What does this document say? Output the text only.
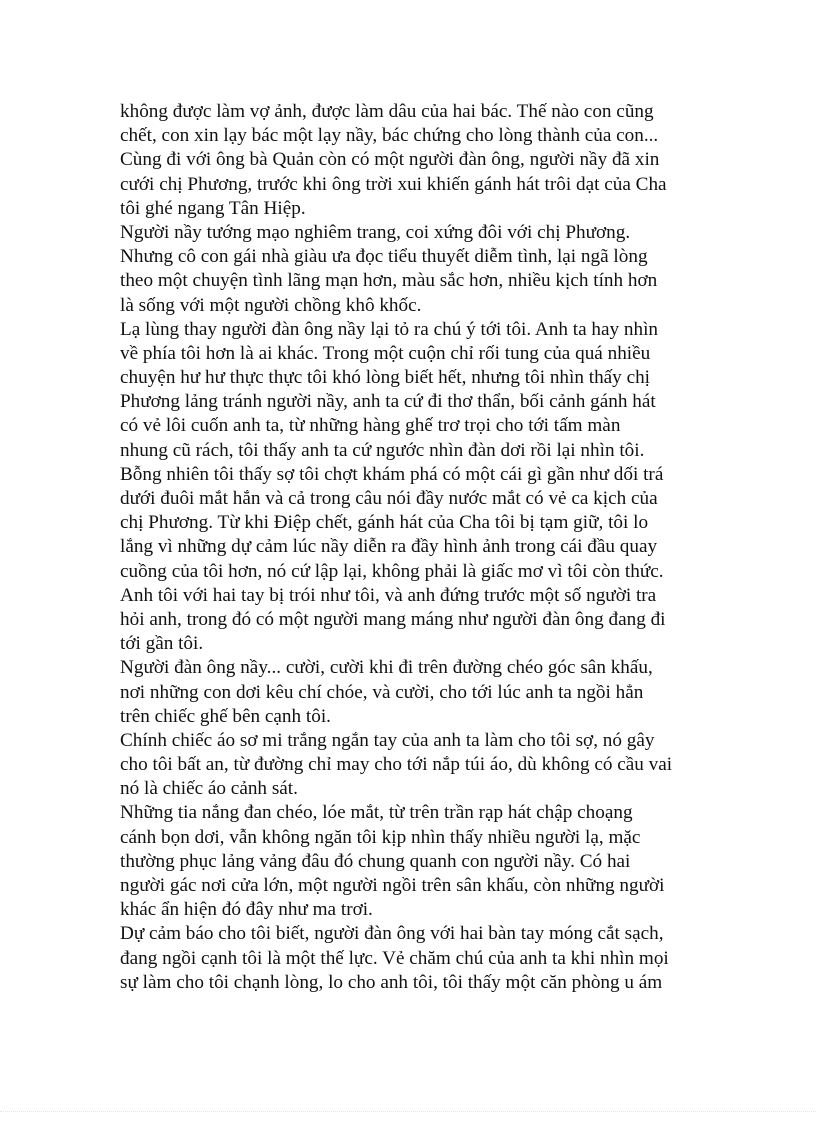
không được làm vợ ảnh, được làm dâu của hai bác. Thế nào con cũng
chết, con xin lạy bác một lạy nầy, bác chứng cho lòng thành của con...
Cùng đi với ông bà Quản còn có một người đàn ông, người nầy đã xin
cưới chị Phương, trước khi ông trời xui khiến gánh hát trôi dạt của Cha
tôi ghé ngang Tân Hiệp.
Người nầy tướng mạo nghiêm trang, coi xứng đôi với chị Phương.
Nhưng cô con gái nhà giàu ưa đọc tiểu thuyết diễm tình, lại ngã lòng
theo một chuyện tình lãng mạn hơn, màu sắc hơn, nhiều kịch tính hơn
là sống với một người chồng khô khốc.
Lạ lùng thay người đàn ông nầy lại tỏ ra chú ý tới tôi. Anh ta hay nhìn
về phía tôi hơn là ai khác. Trong một cuộn chỉ rối tung của quá nhiều
chuyện hư hư thực thực tôi khó lòng biết hết, nhưng tôi nhìn thấy chị
Phương lảng tránh người nầy, anh ta cứ đi thơ thẩn, bối cảnh gánh hát
có vẻ lôi cuốn anh ta, từ những hàng ghế trơ trọi cho tới tấm màn
nhung cũ rách, tôi thấy anh ta cứ ngước nhìn đàn dơi rồi lại nhìn tôi.
Bỗng nhiên tôi thấy sợ tôi chợt khám phá có một cái gì gần như dối trá
dưới đuôi mắt hắn và cả trong câu nói đầy nước mắt có vẻ ca kịch của
chị Phương. Từ khi Điệp chết, gánh hát của Cha tôi bị tạm giữ, tôi lo
lắng vì những dự cảm lúc nầy diễn ra đầy hình ảnh trong cái đầu quay
cuồng của tôi hơn, nó cứ lập lại, không phải là giấc mơ vì tôi còn thức.
Anh tôi với hai tay bị trói như tôi, và anh đứng trước một số người tra
hỏi anh, trong đó có một người mang máng như người đàn ông đang đi
tới gần tôi.
Người đàn ông nầy... cười, cười khi đi trên đường chéo góc sân khấu,
nơi những con dơi kêu chí chóe, và cười, cho tới lúc anh ta ngồi hẳn
trên chiếc ghế bên cạnh tôi.
Chính chiếc áo sơ mi trắng ngắn tay của anh ta làm cho tôi sợ, nó gây
cho tôi bất an, từ đường chỉ may cho tới nắp túi áo, dù không có cầu vai
nó là chiếc áo cảnh sát.
Những tia nắng đan chéo, lóe mắt, từ trên trần rạp hát chập choạng
cánh bọn dơi, vẫn không ngăn tôi kịp nhìn thấy nhiều người lạ, mặc
thường phục lảng vảng đâu đó chung quanh con người nầy. Có hai
người gác nơi cửa lớn, một người ngồi trên sân khấu, còn những người
khác ẩn hiện đó đây như ma trơi.
Dự cảm báo cho tôi biết, người đàn ông với hai bàn tay móng cắt sạch,
đang ngồi cạnh tôi là một thế lực. Vẻ chăm chú của anh ta khi nhìn mọi
sự làm cho tôi chạnh lòng, lo cho anh tôi, tôi thấy một căn phòng u ám
